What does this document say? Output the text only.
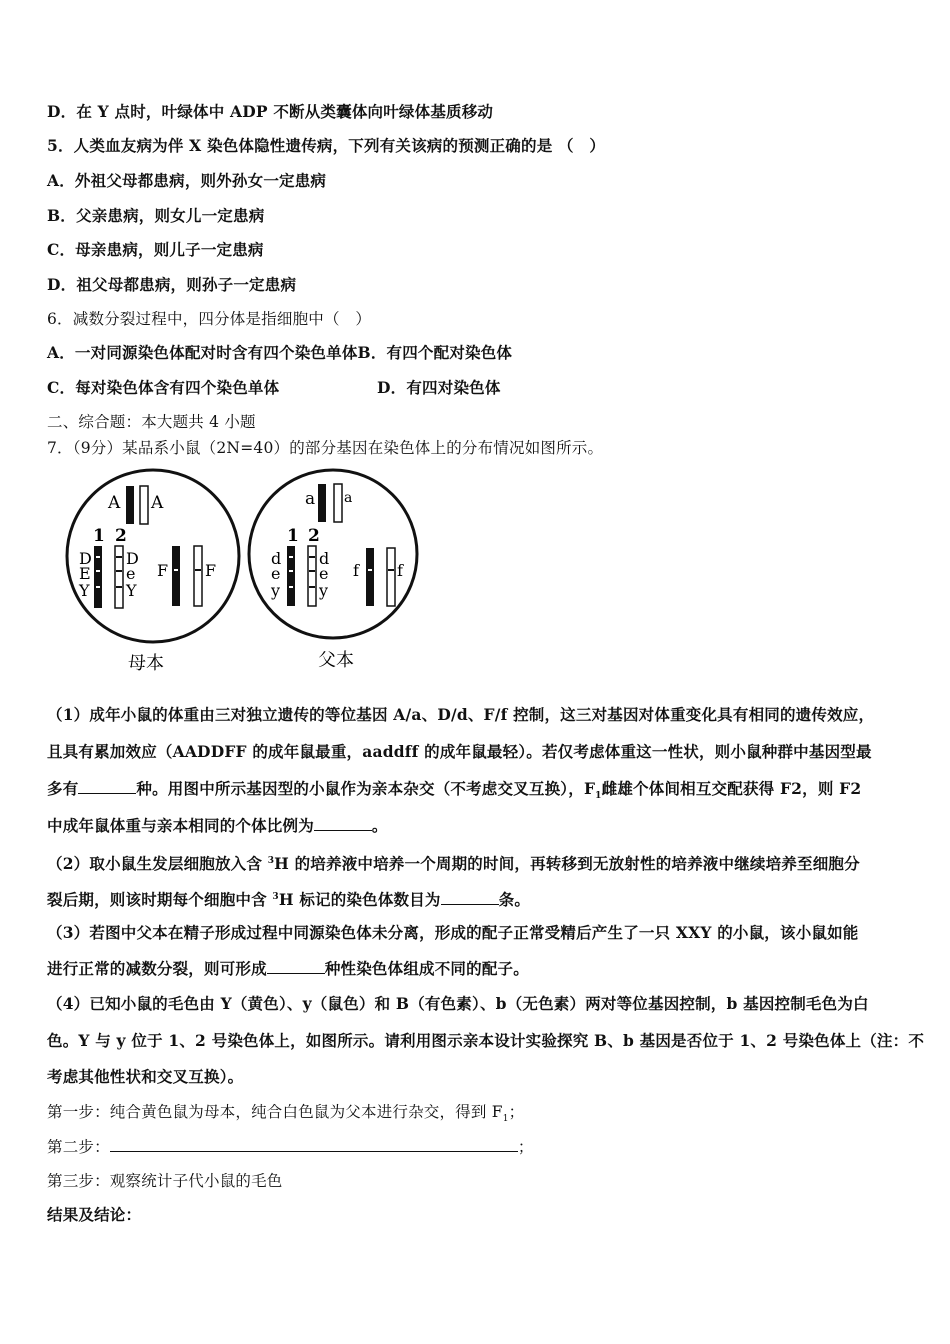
D．在 Y 点时，叶绿体中 ADP 不断从类囊体向叶绿体基质移动
5．人类血友病为伴 X 染色体隐性遗传病，下列有关该病的预测正确的是 （　）
A．外祖父母都患病，则外孙女一定患病
B．父亲患病，则女儿一定患病
C．母亲患病，则儿子一定患病
D．祖父母都患病，则孙子一定患病
6．减数分裂过程中，四分体是指细胞中（　）
A．一对同源染色体配对时含有四个染色单体B．有四个配对染色体
C．每对染色体含有四个染色单体	D．有四对染色体
二、综合题：本大题共 4 小题
7．（9分）某品系小鼠（2N=40）的部分基因在染色体上的分布情况如图所示。
A A
1 2
D
E
Y
D
e
Y
F F
母本
a a
1 2
d
e
y
d
e
y
f f
父本
（1）成年小鼠的体重由三对独立遗传的等位基因 A/a、D/d、F/f 控制，这三对基因对体重变化具有相同的遗传效应，
且具有累加效应（AADDFF 的成年鼠最重，aaddff 的成年鼠最轻）。若仅考虑体重这一性状，则小鼠种群中基因型最
多有	种。用图中所示基因型的小鼠作为亲本杂交（不考虑交叉互换），$F_1$雌雄个体间相互交配获得 F2，则 F2
中成年鼠体重与亲本相同的个体比例为	。
（2）取小鼠生发层细胞放入含 $^3$H 的培养液中培养一个周期的时间，再转移到无放射性的培养液中继续培养至细胞分
裂后期，则该时期每个细胞中含 $^3$H 标记的染色体数目为	条。
（3）若图中父本在精子形成过程中同源染色体未分离，形成的配子正常受精后产生了一只 XXY 的小鼠，该小鼠如能
进行正常的减数分裂，则可形成	种性染色体组成不同的配子。
（4）已知小鼠的毛色由 Y（黄色）、y（鼠色）和 B（有色素）、b（无色素）两对等位基因控制，b 基因控制毛色为白
色。Y 与 y 位于 1、2 号染色体上，如图所示。请利用图示亲本设计实验探究 B、b 基因是否位于 1、2 号染色体上（注：不
考虑其他性状和交叉互换）。
第一步：纯合黄色鼠为母本，纯合白色鼠为父本进行杂交，得到 $F_1$；
第二步：	；
第三步：观察统计子代小鼠的毛色
结果及结论：
